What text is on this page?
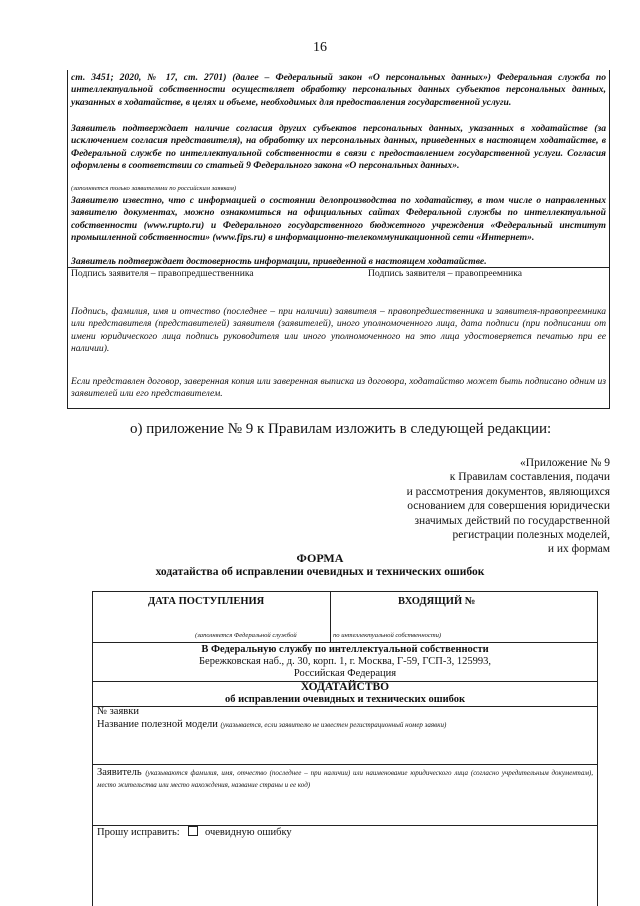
16

ст. 3451; 2020, № 17, ст. 2701) (далее – Федеральный закон «О персональных данных») Федеральная служба по интеллектуальной собственности осуществляет обработку персональных данных субъектов персональных данных, указанных в ходатайстве, в целях и объеме, необходимых для предоставления государственной услуги.

Заявитель подтверждает наличие согласия других субъектов персональных данных, указанных в ходатайстве (за исключением согласия представителя), на обработку их персональных данных, приведенных в настоящем ходатайстве, в Федеральной службе по интеллектуальной собственности в связи с предоставлением государственной услуги. Согласия оформлены в соответствии со статьей 9 Федерального закона «О персональных данных».

(заполняется только заявителями по российским заявкам)

Заявителю известно, что с информацией о состоянии делопроизводства по ходатайству, в том числе о направленных заявителю документах, можно ознакомиться на официальных сайтах Федеральной службы по интеллектуальной собственности (www.rupto.ru) и Федерального государственного бюджетного учреждения «Федеральный институт промышленной собственности» (www.fips.ru) в информационно-телекоммуникационной сети «Интернет».

Заявитель подтверждает достоверность информации, приведенной в настоящем ходатайстве.

Подпись заявителя – правопредшественника	Подпись заявителя – правопреемника

Подпись, фамилия, имя и отчество (последнее – при наличии) заявителя – правопредшественника и заявителя-правопреемника или представителя (представителей) заявителя (заявителей), иного уполномоченного лица, дата подписи (при подписании от имени юридического лица подпись руководителя или иного уполномоченного на это лица удостоверяется печатью при ее наличии).

Если представлен договор, заверенная копия или заверенная выписка из договора, ходатайство может быть подписано одним из заявителей или его представителем.

о) приложение № 9 к Правилам изложить в следующей редакции:
«Приложение № 9
к Правилам составления, подачи
и рассмотрения документов, являющихся
основанием для совершения юридически
значимых действий по государственной
регистрации полезных моделей,
и их формам
ФОРМА
ходатайства об исправлении очевидных и технических ошибок
ДАТА ПОСТУПЛЕНИЯ	ВХОДЯЩИЙ №
(заполняется Федеральной службой	по интеллектуальной собственности)
В Федеральную службу по интеллектуальной собственности
Бережковская наб., д. 30, корп. 1, г. Москва, Г-59, ГСП-3, 125993,
Российская Федерация
ХОДАТАЙСТВО
об исправлении очевидных и технических ошибок
№ заявки
Название полезной модели (указывается, если заявителю не известен регистрационный номер заявки)
Заявитель (указываются фамилия, имя, отчество (последнее – при наличии) или наименование юридического лица (согласно учредительным документам), место жительства или место нахождения, название страны и ее код)
Прошу исправить: очевидную ошибку
